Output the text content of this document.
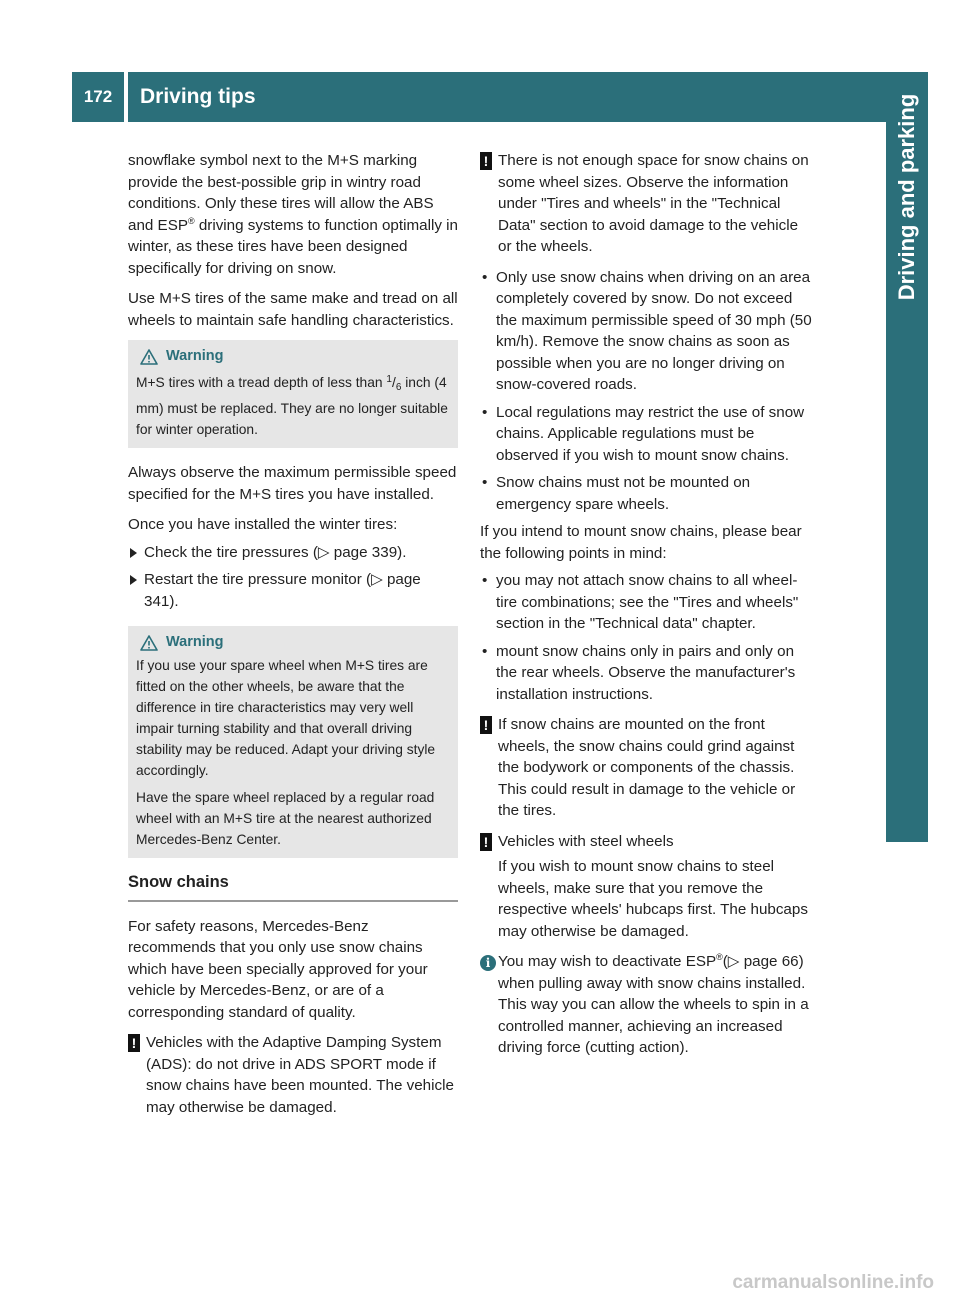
172	Driving tips	Driving and parking

snowflake symbol next to the M+S marking provide the best-possible grip in wintry road conditions. Only these tires will allow the ABS and ESP® driving systems to function optimally in winter, as these tires have been designed specifically for driving on snow.

Use M+S tires of the same make and tread on all wheels to maintain safe handling characteristics.

Warning

M+S tires with a tread depth of less than $^1/_6$ inch (4 mm) must be replaced. They are no longer suitable for winter operation.

Always observe the maximum permissible speed specified for the M+S tires you have installed.

Once you have installed the winter tires:

Check the tire pressures (▷ page 339).
Restart the tire pressure monitor (▷ page 341).
Warning

If you use your spare wheel when M+S tires are fitted on the other wheels, be aware that the difference in tire characteristics may very well impair turning stability and that overall driving stability may be reduced. Adapt your driving style accordingly.

Have the spare wheel replaced by a regular road wheel with an M+S tire at the nearest authorized Mercedes-Benz Center.

Snow chains

For safety reasons, Mercedes-Benz recommends that you only use snow chains which have been specially approved for your vehicle by Mercedes-Benz, or are of a corresponding standard of quality.

! Vehicles with the Adaptive Damping System (ADS): do not drive in ADS SPORT mode if snow chains have been mounted. The vehicle may otherwise be damaged.
! There is not enough space for snow chains on some wheel sizes. Observe the information under "Tires and wheels" in the "Technical Data" section to avoid damage to the vehicle or the wheels.
• Only use snow chains when driving on an area completely covered by snow. Do not exceed the maximum permissible speed of 30 mph (50 km/h). Remove the snow chains as soon as possible when you are no longer driving on snow-covered roads.
• Local regulations may restrict the use of snow chains. Applicable regulations must be observed if you wish to mount snow chains.
• Snow chains must not be mounted on emergency spare wheels.

If you intend to mount snow chains, please bear the following points in mind:

• you may not attach snow chains to all wheel-tire combinations; see the "Tires and wheels" section in the "Technical data" chapter.
• mount snow chains only in pairs and only on the rear wheels. Observe the manufacturer's installation instructions.
! If snow chains are mounted on the front wheels, the snow chains could grind against the bodywork or components of the chassis. This could result in damage to the vehicle or the tires.
! Vehicles with steel wheels
If you wish to mount snow chains to steel wheels, make sure that you remove the respective wheels' hubcaps first. The hubcaps may otherwise be damaged.
i You may wish to deactivate ESP®(▷ page 66) when pulling away with snow chains installed. This way you can allow the wheels to spin in a controlled manner, achieving an increased driving force (cutting action).
carmanualsonline.info
